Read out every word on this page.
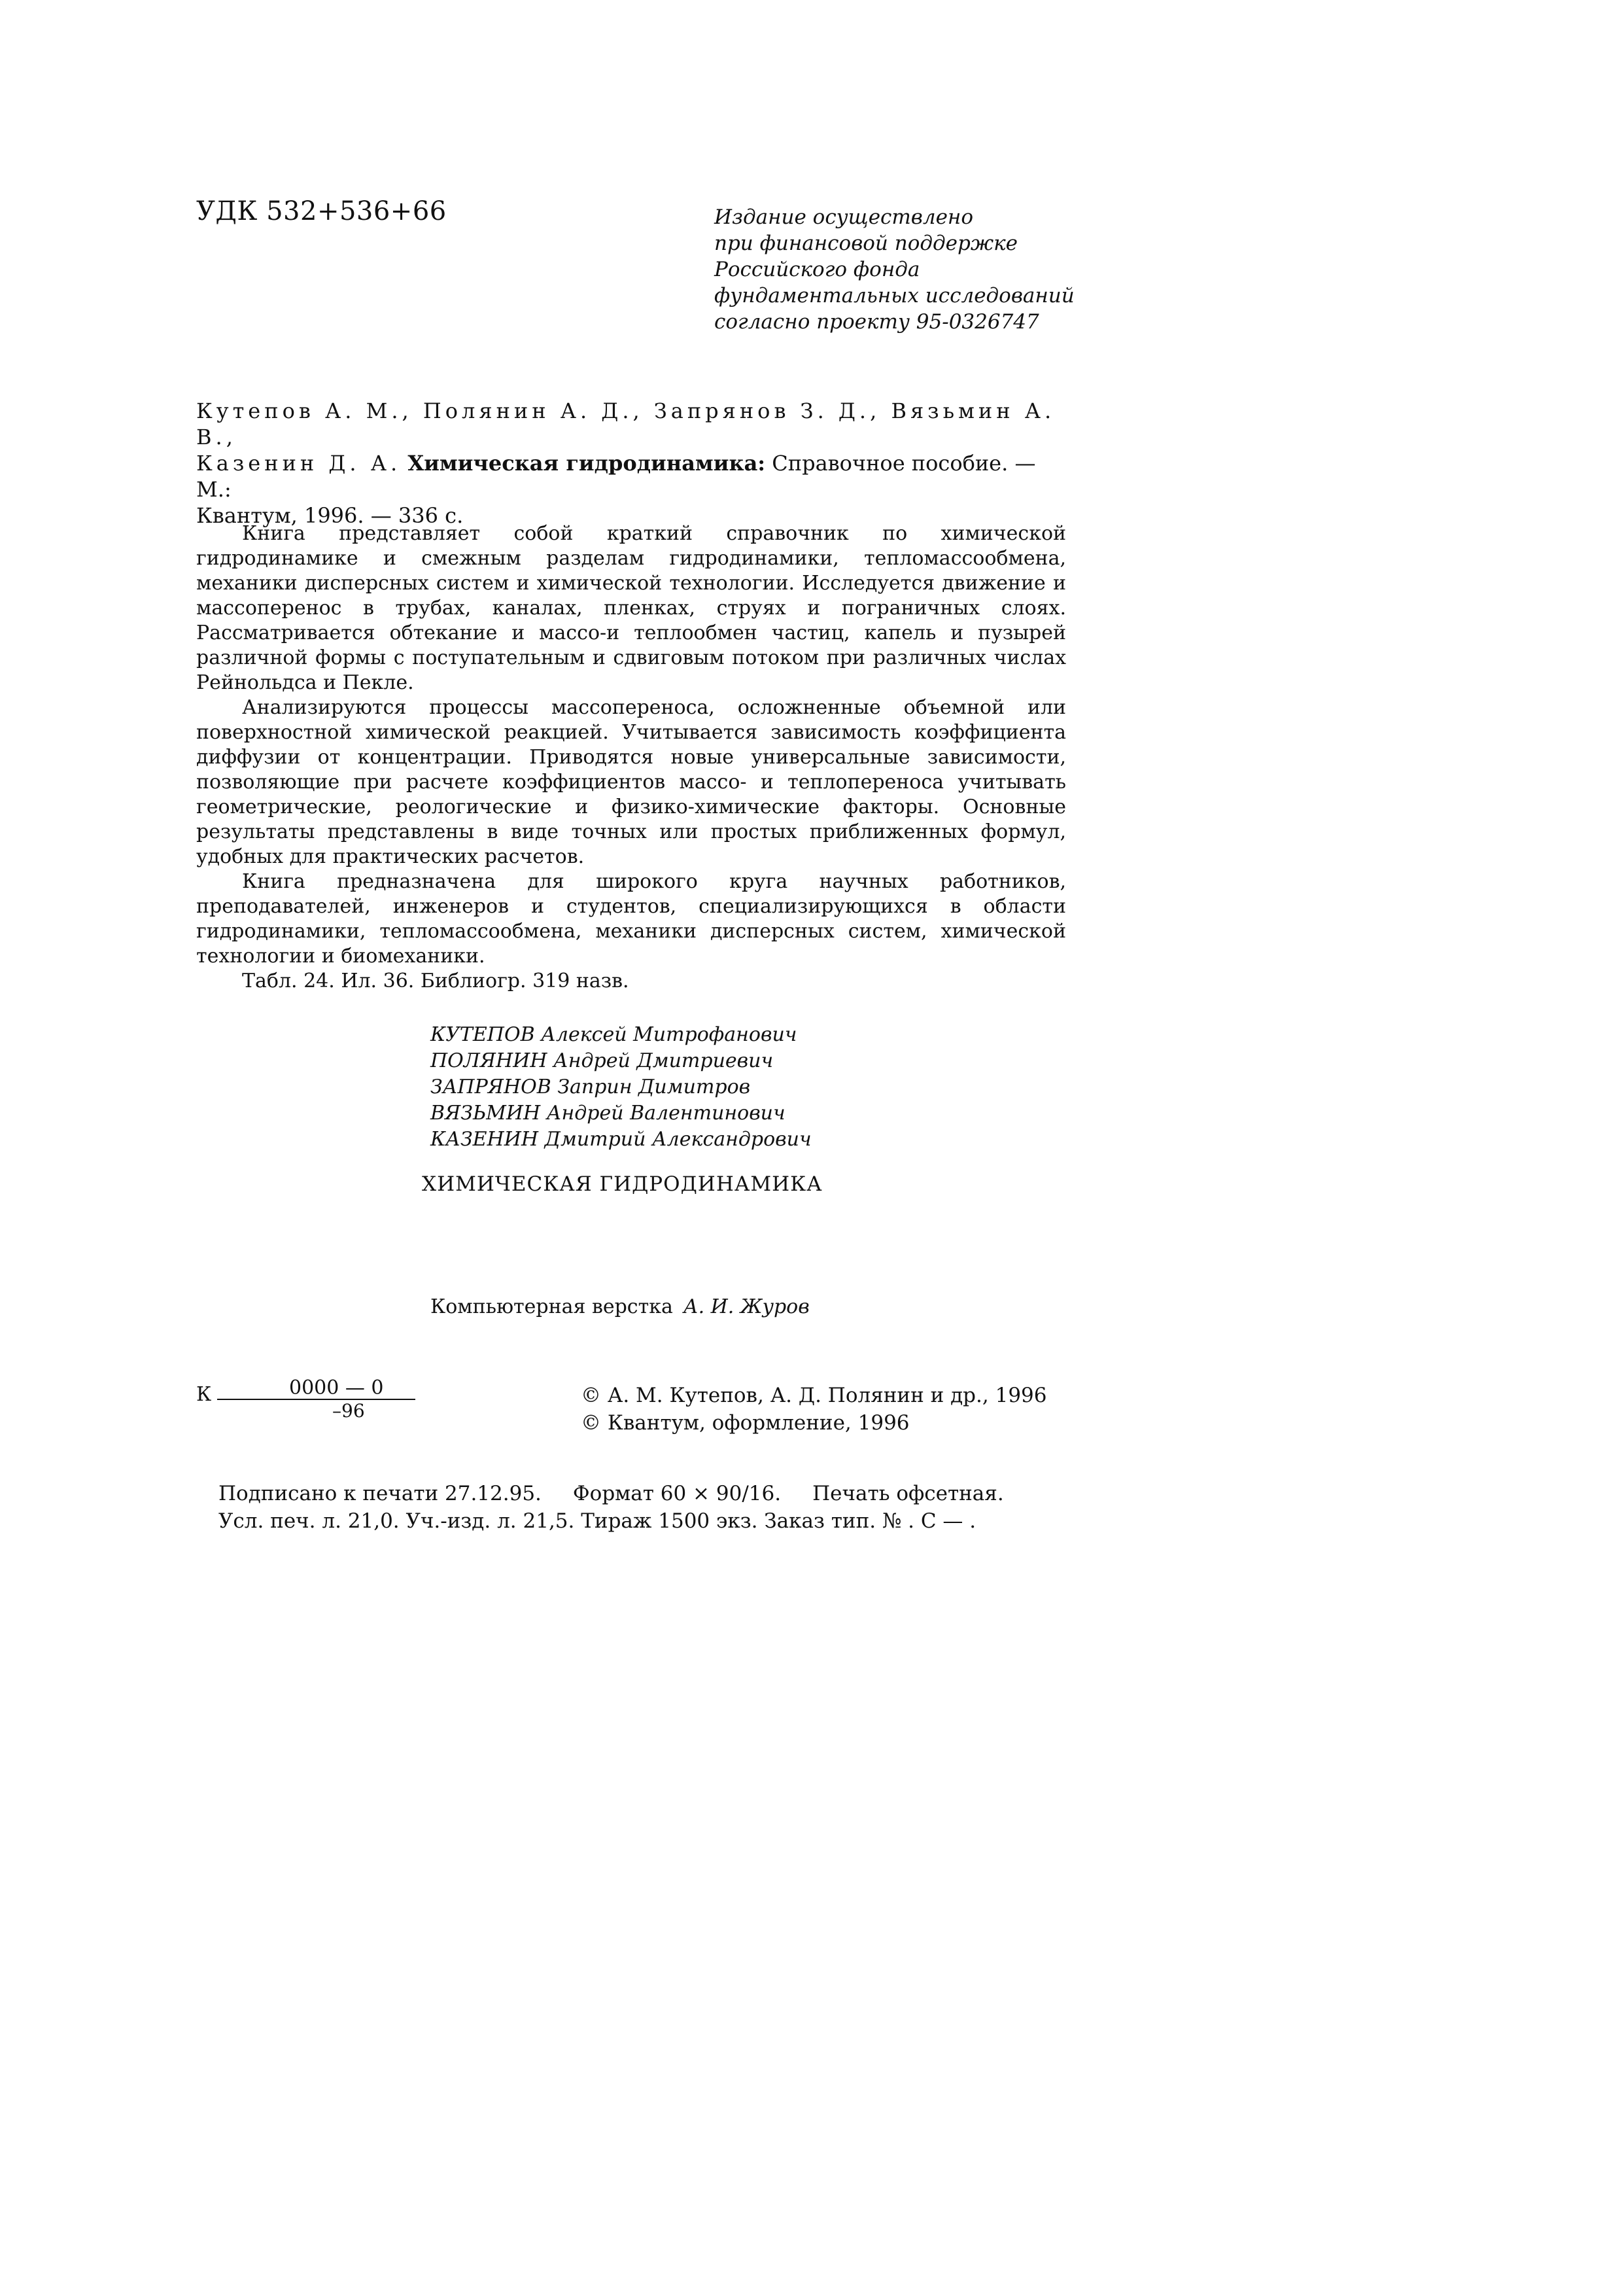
УДК 532+536+66	Издание осуществлено
при финансовой поддержке
Российского фонда
фундаментальных исследований
согласно проекту 95-0326747
Кутепов А. М., Полянин А. Д., Запрянов З. Д., Вязьмин А. В.,
Казенин Д. А. Химическая гидродинамика: Справочное пособие. — М.:
Квантум, 1996. — 336 с.

Книга представляет собой краткий справочник по химической гидродинамике и смежным разделам гидродинамики, тепломассообмена, механики дисперсных систем и химической технологии. Исследуется движение и массоперенос в трубах, каналах, пленках, струях и пограничных слоях. Рассматривается обтекание и массо-и теплообмен частиц, капель и пузырей различной формы с поступательным и сдвиговым потоком при различных числах Рейнольдса и Пекле.

Анализируются процессы массопереноса, осложненные объемной или поверхностной химической реакцией. Учитывается зависимость коэффициента диффузии от концентрации. Приводятся новые универсальные зависимости, позволяющие при расчете коэффициентов массо- и теплопереноса учитывать геометрические, реологические и физико-химические факторы. Основные результаты представлены в виде точных или простых приближенных формул, удобных для практических расчетов.

Книга предназначена для широкого круга научных работников, преподавателей, инженеров и студентов, специализирующихся в области гидродинамики, тепломассообмена, механики дисперсных систем, химической технологии и биомеханики.

Табл. 24. Ил. 36. Библиогр. 319 назв.

КУТЕПОВ Алексей Митрофанович
ПОЛЯНИН Андрей Дмитриевич
ЗАПРЯНОВ Заприн Димитров
ВЯЗЬМИН Андрей Валентинович
КАЗЕНИН Дмитрий Александрович
ХИМИЧЕСКАЯ ГИДРОДИНАМИКА
Компьютерная верстка А. И. Журов
К	0000 — 0
–96
© А. М. Кутепов, А. Д. Полянин и др., 1996
© Квантум, оформление, 1996
Подписано к печати 27.12.95. Формат 60 × 90/16. Печать офсетная.
Усл. печ. л. 21,0. Уч.-изд. л. 21,5. Тираж 1500 экз. Заказ тип. № . С — .
